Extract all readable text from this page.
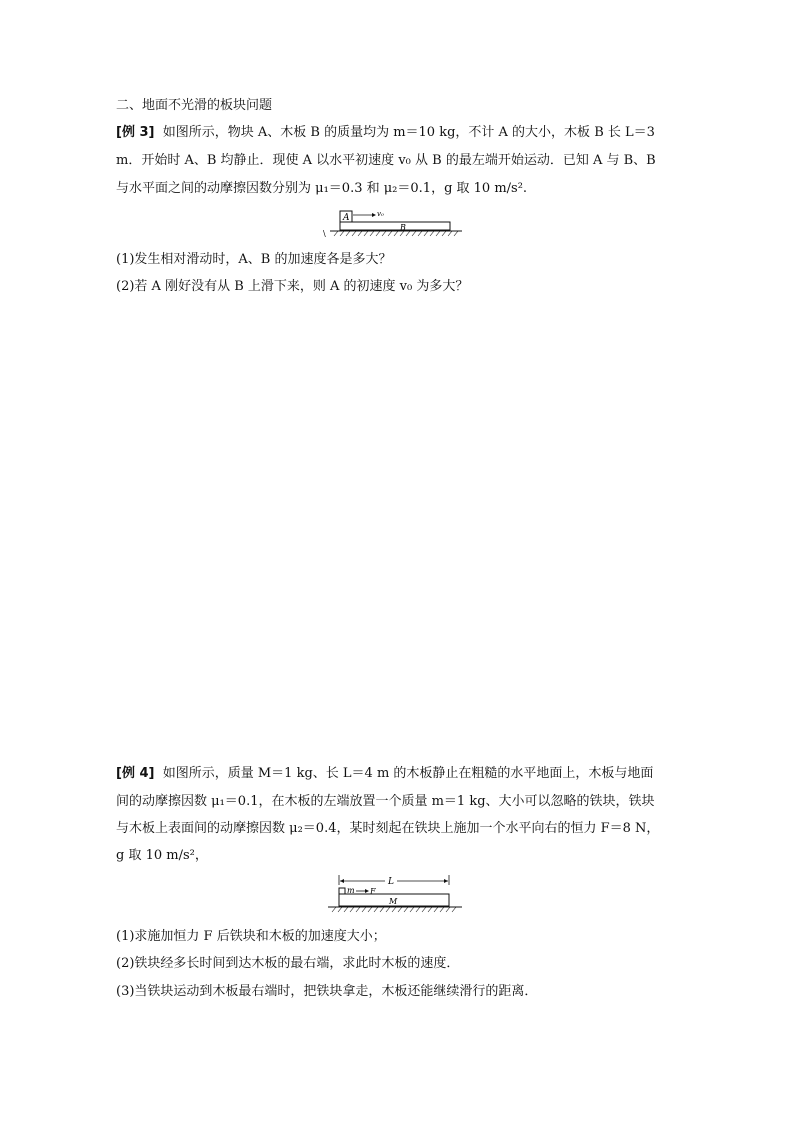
二、地面不光滑的板块问题
[例 3] 如图所示，物块 A、木板 B 的质量均为 m＝10 kg，不计 A 的大小，木板 B 长 L＝3
m．开始时 A、B 均静止．现使 A 以水平初速度 v₀ 从 B 的最左端开始运动．已知 A 与 B、B
与水平面之间的动摩擦因数分别为 μ₁＝0.3 和 μ₂＝0.1，g 取 10 m/s².
A	v₀
B
\
(1)发生相对滑动时，A、B 的加速度各是多大？
(2)若 A 刚好没有从 B 上滑下来，则 A 的初速度 v₀ 为多大？
[例 4] 如图所示，质量 M＝1 kg、长 L＝4 m 的木板静止在粗糙的水平地面上，木板与地面
间的动摩擦因数 μ₁＝0.1，在木板的左端放置一个质量 m＝1 kg、大小可以忽略的铁块，铁块
与木板上表面间的动摩擦因数 μ₂＝0.4，某时刻起在铁块上施加一个水平向右的恒力 F＝8 N，
g 取 10 m/s²，
L
m F
M
(1)求施加恒力 F 后铁块和木板的加速度大小；
(2)铁块经多长时间到达木板的最右端，求此时木板的速度．
(3)当铁块运动到木板最右端时，把铁块拿走，木板还能继续滑行的距离．
